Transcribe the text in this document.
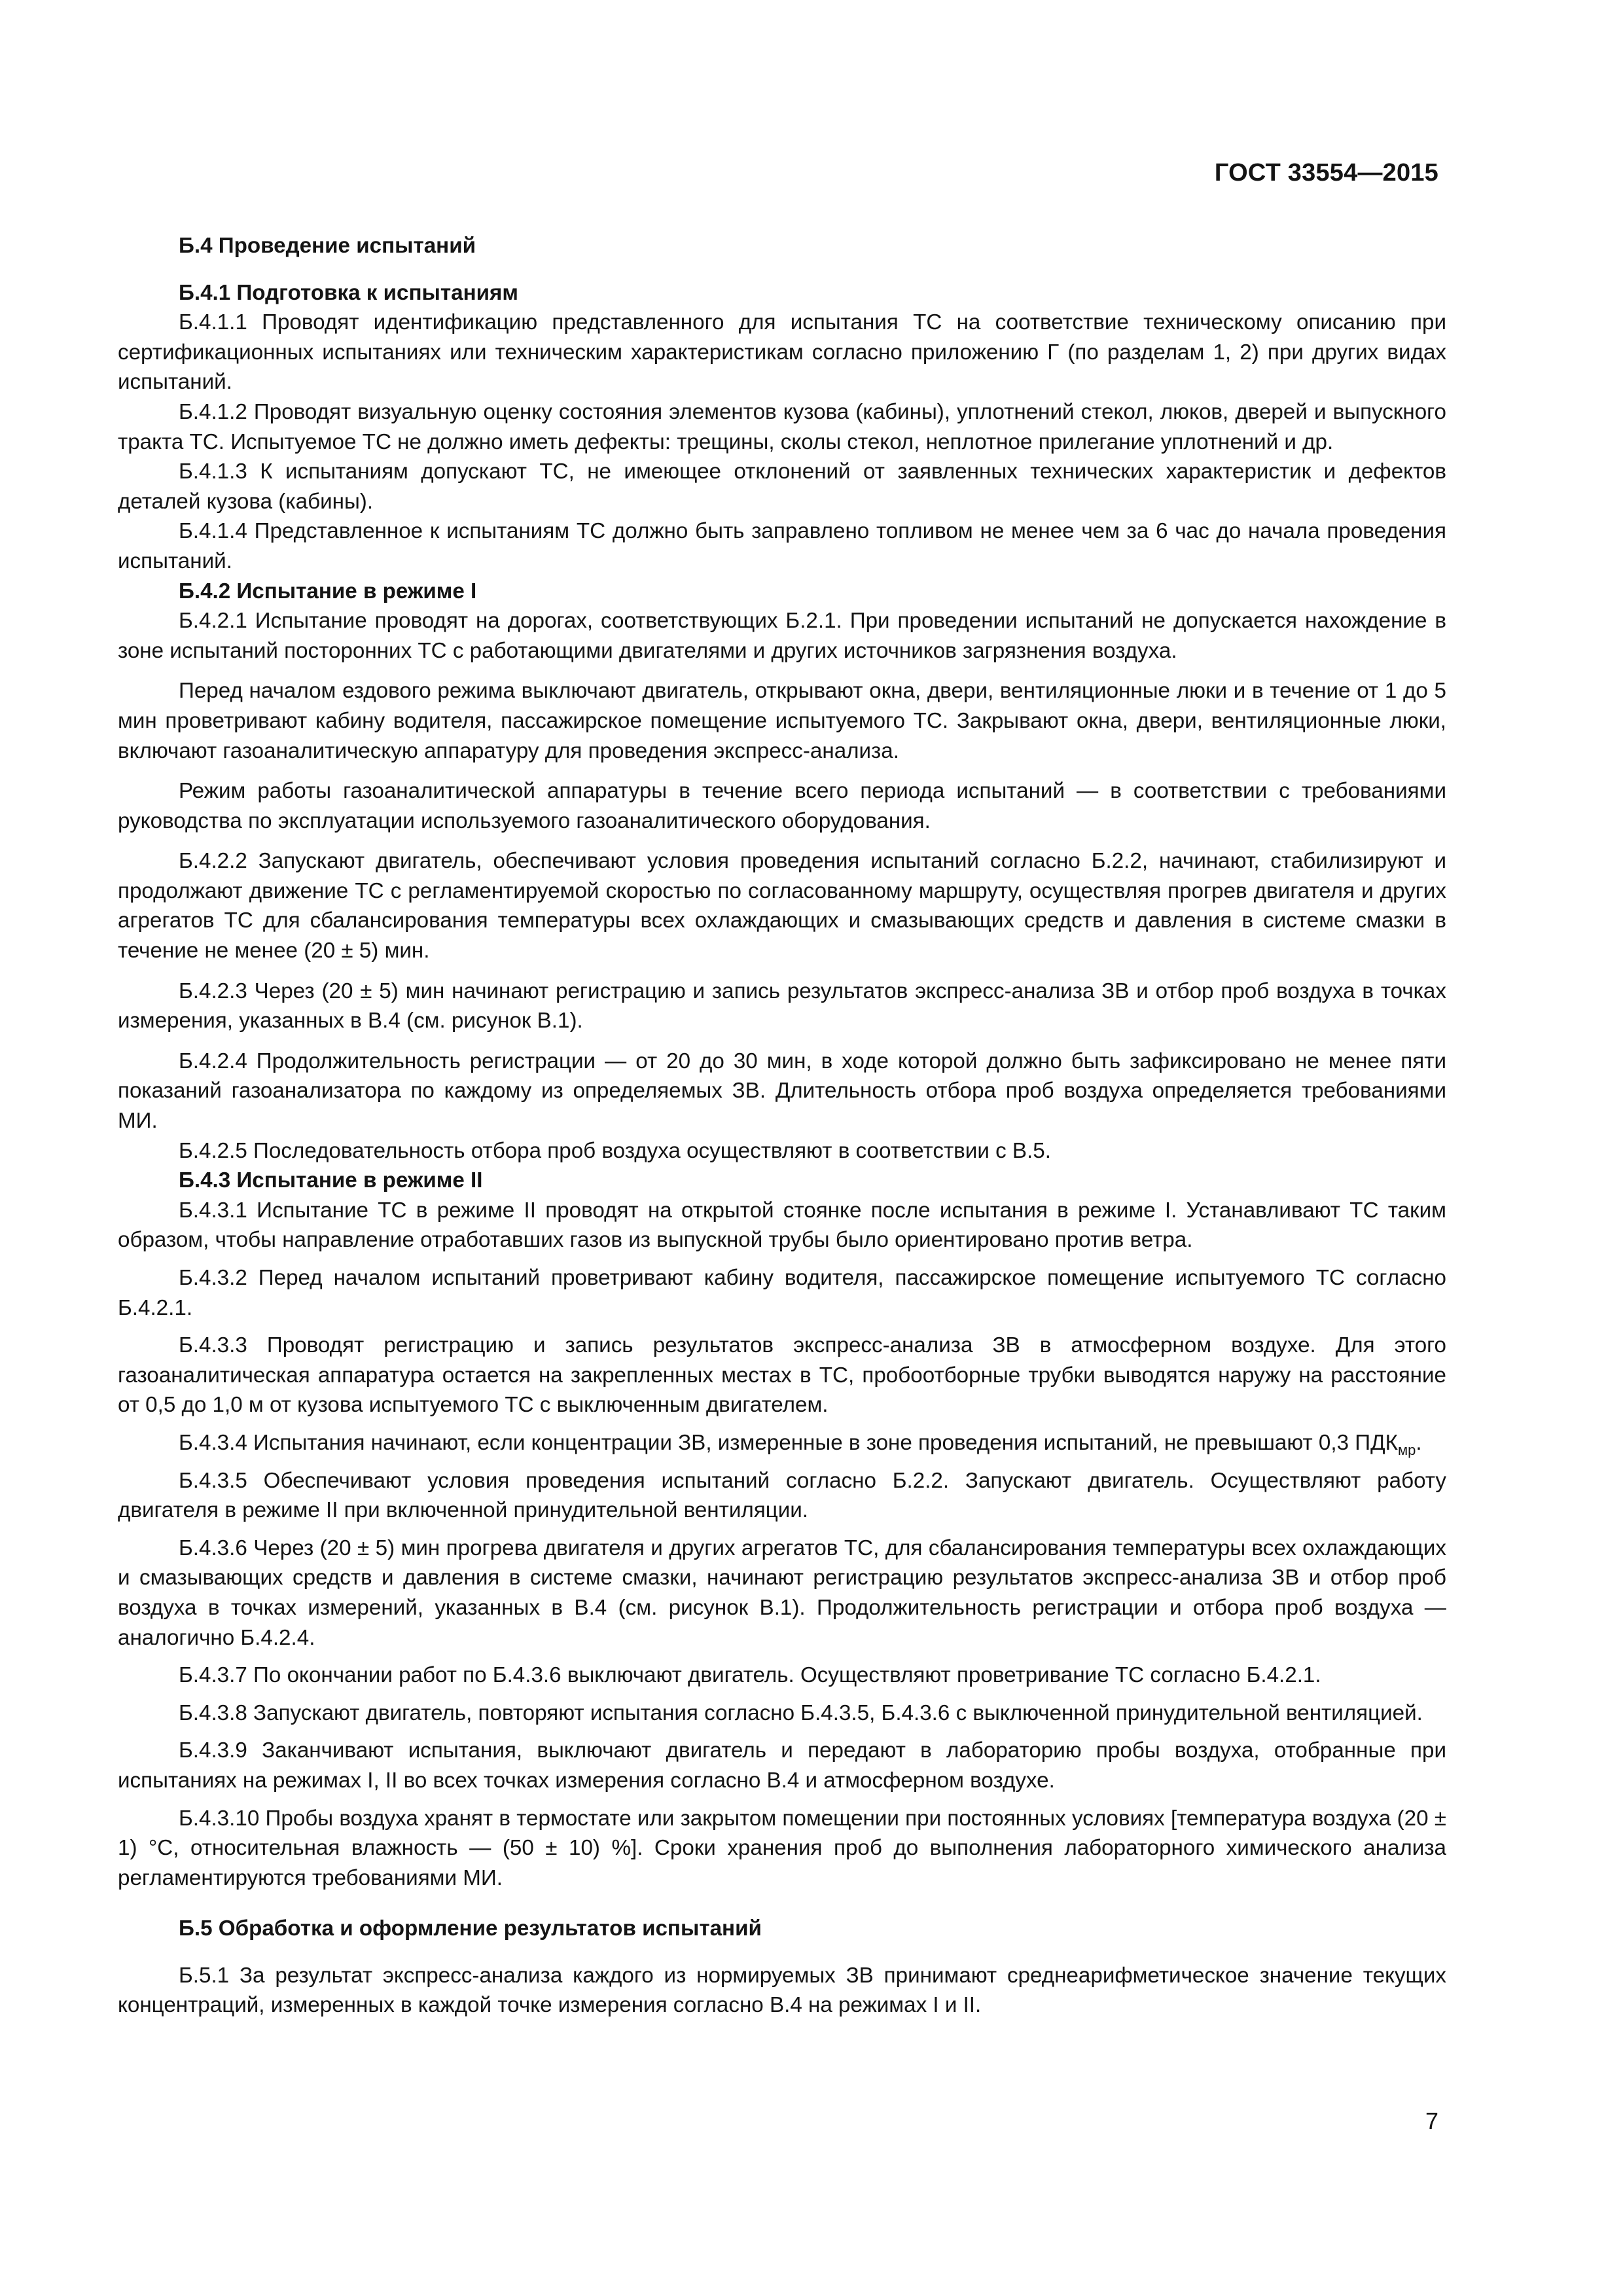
ГОСТ 33554—2015

Б.4 Проведение испытаний

Б.4.1 Подготовка к испытаниям

Б.4.1.1 Проводят идентификацию представленного для испытания ТС на соответствие техническому описанию при сертификационных испытаниях или техническим характеристикам согласно приложению Г (по разделам 1, 2) при других видах испытаний.

Б.4.1.2 Проводят визуальную оценку состояния элементов кузова (кабины), уплотнений стекол, люков, дверей и выпускного тракта ТС. Испытуемое ТС не должно иметь дефекты: трещины, сколы стекол, неплотное прилегание уплотнений и др.

Б.4.1.3 К испытаниям допускают ТС, не имеющее отклонений от заявленных технических характеристик и дефектов деталей кузова (кабины).

Б.4.1.4 Представленное к испытаниям ТС должно быть заправлено топливом не менее чем за 6 час до начала проведения испытаний.

Б.4.2 Испытание в режиме I

Б.4.2.1 Испытание проводят на дорогах, соответствующих Б.2.1. При проведении испытаний не допускается нахождение в зоне испытаний посторонних ТС с работающими двигателями и других источников загрязнения воздуха.

Перед началом ездового режима выключают двигатель, открывают окна, двери, вентиляционные люки и в течение от 1 до 5 мин проветривают кабину водителя, пассажирское помещение испытуемого ТС. Закрывают окна, двери, вентиляционные люки, включают газоаналитическую аппаратуру для проведения экспресс-анализа.

Режим работы газоаналитической аппаратуры в течение всего периода испытаний — в соответствии с требованиями руководства по эксплуатации используемого газоаналитического оборудования.

Б.4.2.2 Запускают двигатель, обеспечивают условия проведения испытаний согласно Б.2.2, начинают, стабилизируют и продолжают движение ТС с регламентируемой скоростью по согласованному маршруту, осуществляя прогрев двигателя и других агрегатов ТС для сбалансирования температуры всех охлаждающих и смазывающих средств и давления в системе смазки в течение не менее (20 ± 5) мин.

Б.4.2.3 Через (20 ± 5) мин начинают регистрацию и запись результатов экспресс-анализа ЗВ и отбор проб воздуха в точках измерения, указанных в В.4 (см. рисунок В.1).

Б.4.2.4 Продолжительность регистрации — от 20 до 30 мин, в ходе которой должно быть зафиксировано не менее пяти показаний газоанализатора по каждому из определяемых ЗВ. Длительность отбора проб воздуха определяется требованиями МИ.

Б.4.2.5 Последовательность отбора проб воздуха осуществляют в соответствии с В.5.

Б.4.3 Испытание в режиме II

Б.4.3.1 Испытание ТС в режиме II проводят на открытой стоянке после испытания в режиме I. Устанавливают ТС таким образом, чтобы направление отработавших газов из выпускной трубы было ориентировано против ветра.

Б.4.3.2 Перед началом испытаний проветривают кабину водителя, пассажирское помещение испытуемого ТС согласно Б.4.2.1.

Б.4.3.3 Проводят регистрацию и запись результатов экспресс-анализа ЗВ в атмосферном воздухе. Для этого газоаналитическая аппаратура остается на закрепленных местах в ТС, пробоотборные трубки выводятся наружу на расстояние от 0,5 до 1,0 м от кузова испытуемого ТС с выключенным двигателем.

Б.4.3.4 Испытания начинают, если концентрации ЗВ, измеренные в зоне проведения испытаний, не превышают 0,3 $ПДК_{мр}$.

Б.4.3.5 Обеспечивают условия проведения испытаний согласно Б.2.2. Запускают двигатель. Осуществляют работу двигателя в режиме II при включенной принудительной вентиляции.

Б.4.3.6 Через (20 ± 5) мин прогрева двигателя и других агрегатов ТС, для сбалансирования температуры всех охлаждающих и смазывающих средств и давления в системе смазки, начинают регистрацию результатов экспресс-анализа ЗВ и отбор проб воздуха в точках измерений, указанных в В.4 (см. рисунок В.1). Продолжительность регистрации и отбора проб воздуха — аналогично Б.4.2.4.

Б.4.3.7 По окончании работ по Б.4.3.6 выключают двигатель. Осуществляют проветривание ТС согласно Б.4.2.1.

Б.4.3.8 Запускают двигатель, повторяют испытания согласно Б.4.3.5, Б.4.3.6 с выключенной принудительной вентиляцией.

Б.4.3.9 Заканчивают испытания, выключают двигатель и передают в лабораторию пробы воздуха, отобранные при испытаниях на режимах I, II во всех точках измерения согласно В.4 и атмосферном воздухе.

Б.4.3.10 Пробы воздуха хранят в термостате или закрытом помещении при постоянных условиях [температура воздуха (20 ± 1) °С, относительная влажность — (50 ± 10) %]. Сроки хранения проб до выполнения лабораторного химического анализа регламентируются требованиями МИ.

Б.5 Обработка и оформление результатов испытаний

Б.5.1 За результат экспресс-анализа каждого из нормируемых ЗВ принимают среднеарифметическое значение текущих концентраций, измеренных в каждой точке измерения согласно В.4 на режимах I и II.

7
